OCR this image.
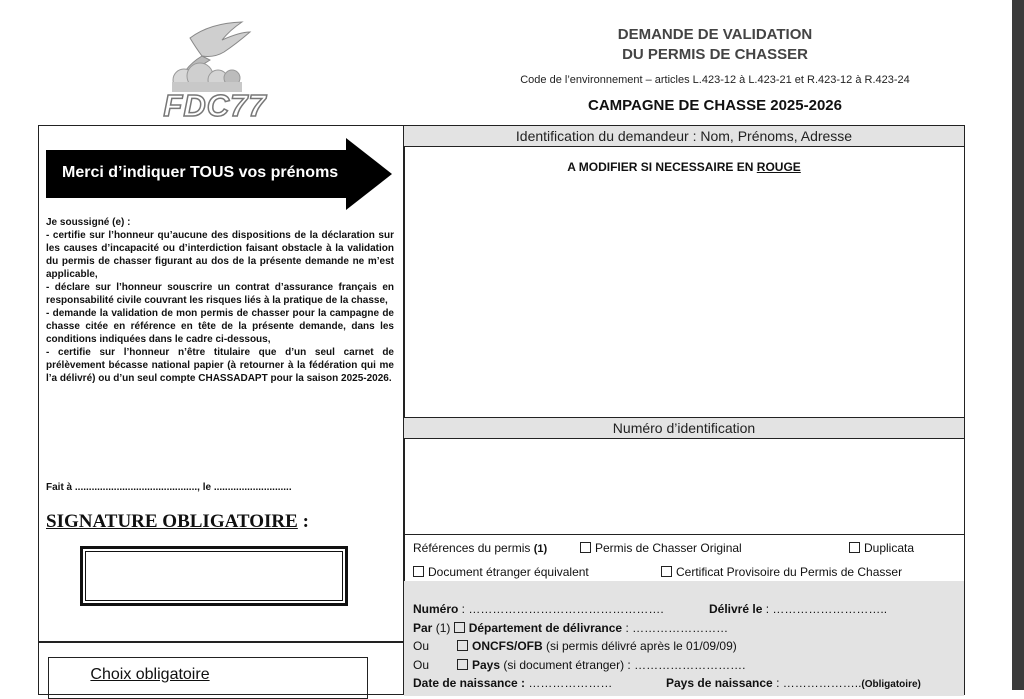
FDC77
DEMANDE DE VALIDATION
DU PERMIS DE CHASSER
Code de l’environnement – articles L.423-12 à L.423-21 et R.423-12 à R.423-24
CAMPAGNE DE CHASSE 2025-2026
Merci d’indiquer TOUS vos prénoms

Je soussigné (e) :

- certifie sur l’honneur qu’aucune des dispositions de la déclaration sur les causes d’incapacité ou d’interdiction faisant obstacle à la validation du permis de chasser figurant au dos de la présente demande ne m’est applicable,

- déclare sur l’honneur souscrire un contrat d’assurance français en responsabilité civile couvrant les risques liés à la pratique de la chasse,

- demande la validation de mon permis de chasser pour la campagne de chasse citée en référence en tête de la présente demande, dans les conditions indiquées dans le cadre ci-dessous,

- certifie sur l’honneur n’être titulaire que d’un seul carnet de prélèvement bécasse national papier (à retourner à la fédération qui me l’a délivré) ou d’un seul compte CHASSADAPT pour la saison 2025-2026.

Fait à ............................................, le ............................
SIGNATURE OBLIGATOIRE :
Choix obligatoire
Identification du demandeur : Nom, Prénoms, Adresse
A MODIFIER SI NECESSAIRE EN ROUGE
Numéro d’identification
Références du permis (1)	Permis de Chasser Original	Duplicata
Document étranger équivalent	Certificat Provisoire du Permis de Chasser
Numéro : ………………………………………….	Délivré le : ………………………..
Par (1) Département de délivrance : ……………………
Ou	ONCFS/OFB (si permis délivré après le 01/09/09)
Ou	Pays (si document étranger) : ……………………….
Date de naissance : …………………	Pays de naissance : ………………..(Obligatoire)
